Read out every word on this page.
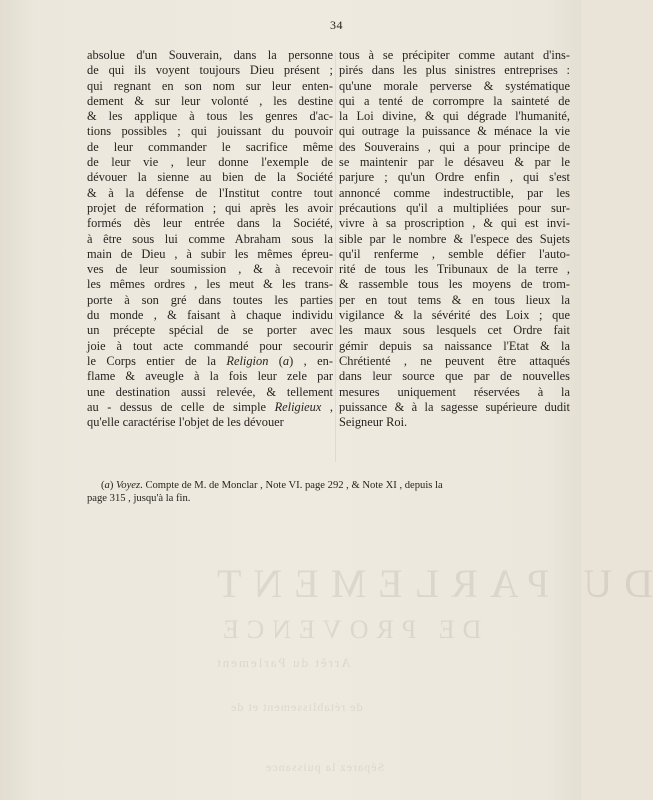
34
absolue d'un Souverain, dans la personne
de qui ils voyent toujours Dieu présent ;
qui regnant en son nom sur leur enten-
dement & sur leur volonté , les destine
& les applique à tous les genres d'ac-
tions possibles ; qui jouissant du pouvoir
de leur commander le sacrifice même
de leur vie , leur donne l'exemple de
dévouer la sienne au bien de la Société
& à la défense de l'Institut contre tout
projet de réformation ; qui après les avoir
formés dès leur entrée dans la Société,
à être sous lui comme Abraham sous la
main de Dieu , à subir les mêmes épreu-
ves de leur soumission , & à recevoir
les mêmes ordres , les meut & les trans-
porte à son gré dans toutes les parties
du monde , & faisant à chaque individu
un précepte spécial de se porter avec
joie à tout acte commandé pour secourir
le Corps entier de la Religion (a) , en-
flame & aveugle à la fois leur zele par
une destination aussi relevée, & tellement
au - dessus de celle de simple Religieux ,
qu'elle caractérise l'objet de les dévouer
tous à se précipiter comme autant d'ins-
pirés dans les plus sinistres entreprises :
qu'une morale perverse & systématique
qui a tenté de corrompre la sainteté de
la Loi divine, & qui dégrade l'humanité,
qui outrage la puissance & ménace la vie
des Souverains , qui a pour principe de
se maintenir par le désaveu & par le
parjure ; qu'un Ordre enfin , qui s'est
annoncé comme indestructible, par les
précautions qu'il a multipliées pour sur-
vivre à sa proscription , & qui est invi-
sible par le nombre & l'espece des Sujets
qu'il renferme , semble défier l'auto-
rité de tous les Tribunaux de la terre ,
& rassemble tous les moyens de trom-
per en tout tems & en tous lieux la
vigilance & la sévérité des Loix ; que
les maux sous lesquels cet Ordre fait
gémir depuis sa naissance l'Etat & la
Chrétienté , ne peuvent être attaqués
dans leur source que par de nouvelles
mesures uniquement réservées à la
puissance & à la sagesse supérieure dudit
Seigneur Roi.
(a) Voyez. Compte de M. de Monclar , Note VI. page 292 , & Note XI , depuis la
page 315 , jusqu'à la fin.
DU PARLEMENT
DE PROVENCE
Arrêt du Parlement
de rétablissement et de
Séparez la puissance
